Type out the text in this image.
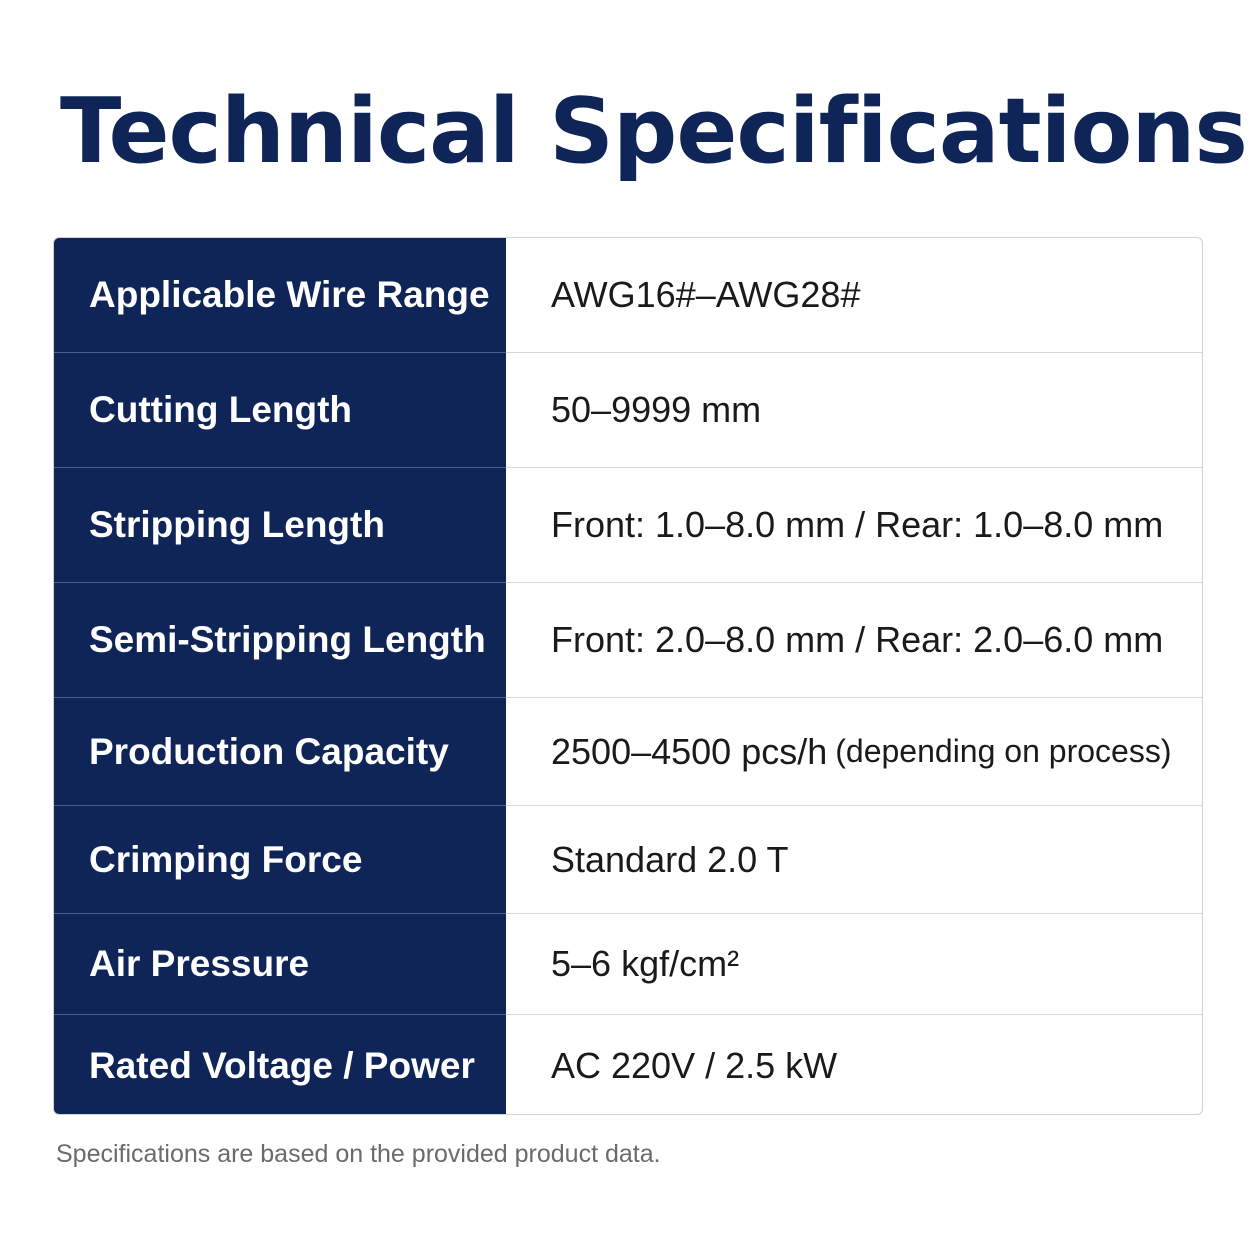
Technical Specifications
Applicable Wire Range	AWG16#–AWG28#
Cutting Length	50–9999 mm
Stripping Length	Front: 1.0–8.0 mm / Rear: 1.0–8.0 mm
Semi-Stripping Length	Front: 2.0–8.0 mm / Rear: 2.0–6.0 mm
Production Capacity	2500–4500 pcs/h (depending on process)
Crimping Force	Standard 2.0 T
Air Pressure	5–6 kgf/cm²
Rated Voltage / Power	AC 220V / 2.5 kW

Specifications are based on the provided product data.
